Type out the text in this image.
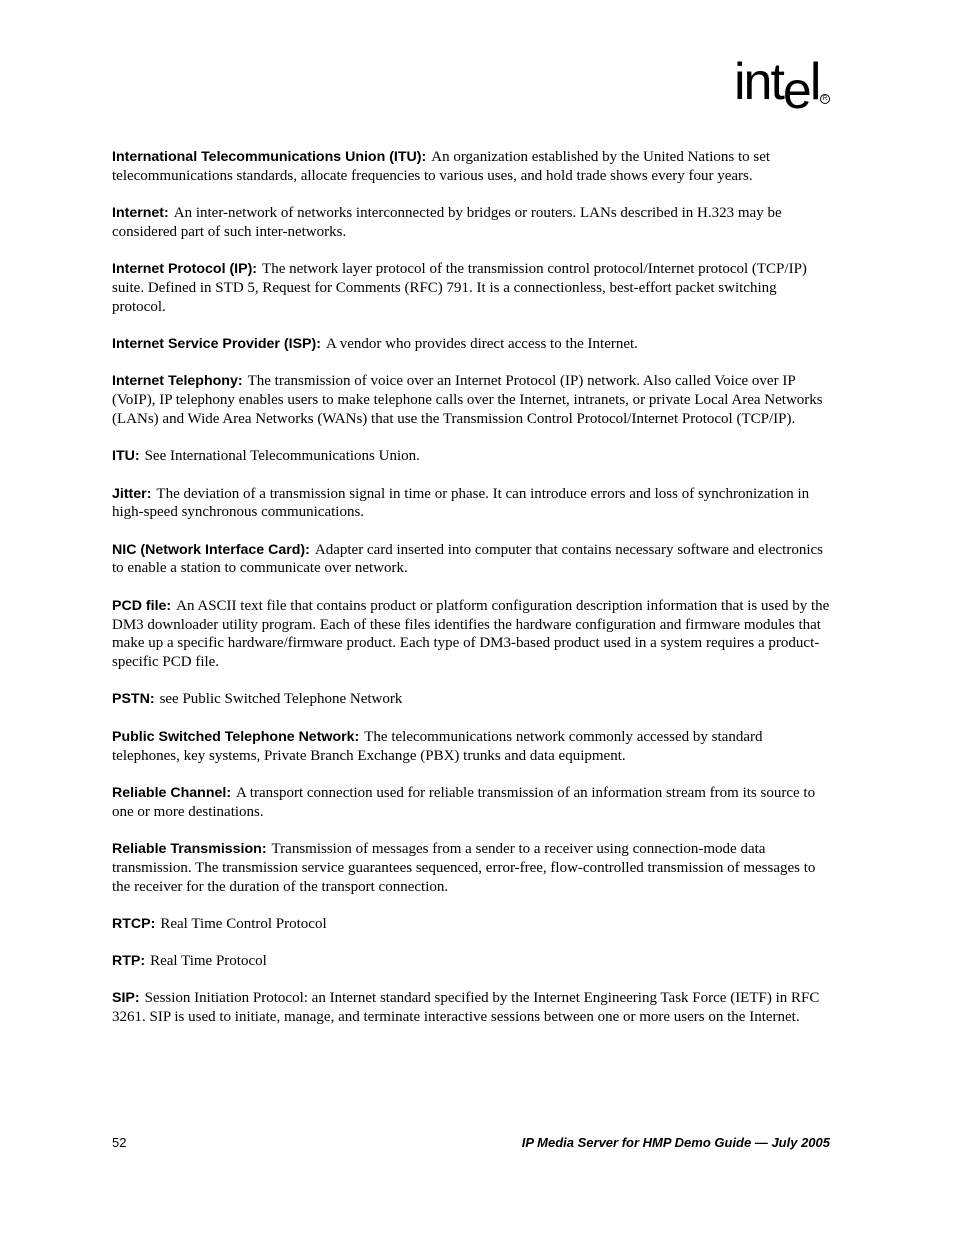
intel R

International Telecommunications Union (ITU): An organization established by the United Nations to set telecommunications standards, allocate frequencies to various uses, and hold trade shows every four years.

Internet: An inter-network of networks interconnected by bridges or routers. LANs described in H.323 may be considered part of such inter-networks.

Internet Protocol (IP): The network layer protocol of the transmission control protocol/Internet protocol (TCP/IP) suite. Defined in STD 5, Request for Comments (RFC) 791. It is a connectionless, best-effort packet switching protocol.

Internet Service Provider (ISP): A vendor who provides direct access to the Internet.

Internet Telephony: The transmission of voice over an Internet Protocol (IP) network. Also called Voice over IP (VoIP), IP telephony enables users to make telephone calls over the Internet, intranets, or private Local Area Networks (LANs) and Wide Area Networks (WANs) that use the Transmission Control Protocol/Internet Protocol (TCP/IP).

ITU: See International Telecommunications Union.

Jitter: The deviation of a transmission signal in time or phase. It can introduce errors and loss of synchronization in high-speed synchronous communications.

NIC (Network Interface Card): Adapter card inserted into computer that contains necessary software and electronics to enable a station to communicate over network.

PCD file: An ASCII text file that contains product or platform configuration description information that is used by the DM3 downloader utility program. Each of these files identifies the hardware configuration and firmware modules that make up a specific hardware/firmware product. Each type of DM3-based product used in a system requires a product-specific PCD file.

PSTN: see Public Switched Telephone Network

Public Switched Telephone Network: The telecommunications network commonly accessed by standard telephones, key systems, Private Branch Exchange (PBX) trunks and data equipment.

Reliable Channel: A transport connection used for reliable transmission of an information stream from its source to one or more destinations.

Reliable Transmission: Transmission of messages from a sender to a receiver using connection-mode data transmission. The transmission service guarantees sequenced, error-free, flow-controlled transmission of messages to the receiver for the duration of the transport connection.

RTCP: Real Time Control Protocol

RTP: Real Time Protocol

SIP: Session Initiation Protocol: an Internet standard specified by the Internet Engineering Task Force (IETF) in RFC 3261. SIP is used to initiate, manage, and terminate interactive sessions between one or more users on the Internet.

52	IP Media Server for HMP Demo Guide — July 2005
